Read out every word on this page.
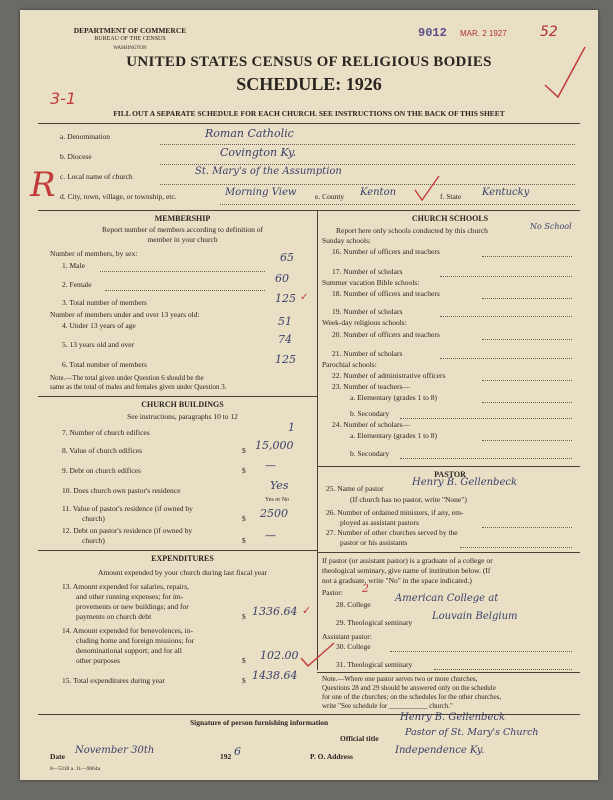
DEPARTMENT OF COMMERCE
BUREAU OF THE CENSUS
WASHINGTON
9012 MAR. 2 1927 52
UNITED STATES CENSUS OF RELIGIOUS BODIES
SCHEDULE: 1926
3-1
FILL OUT A SEPARATE SCHEDULE FOR EACH CHURCH. SEE INSTRUCTIONS ON THE BACK OF THIS SHEET
R
a. Denomination	Roman Catholic
b. Diocese	Covington Ky.
c. Local name of church	St. Mary's of the Assumption
d. City, town, village, or township, etc.	Morning View e. County Kenton	f. State Kentucky
MEMBERSHIP
Report number of members according to definition of
member in your church
Number of members, by sex:
1. Male
65
2. Female	60
3. Total number of members	125 ✓
Number of members under and over 13 years old:
4. Under 13 years of age	51
5. 13 years old and over	74
6. Total number of members	125
Note.—The total given under Question 6 should be the
same as the total of males and females given under Question 3.
CHURCH BUILDINGS
See instructions, paragraphs 10 to 12
7. Number of church edifices	1
8. Value of church edifices	$ 15,000
9. Debt on church edifices	$ —
10. Does church own pastor's residence	Yes
Yes or No
11. Value of pastor's residence (if owned by
church)	$ 2500
12. Debt on pastor's residence (if owned by
church)	$ —
EXPENDITURES
Amount expended by your church during last fiscal year
13. Amount expended for salaries, repairs,
and other running expenses; for im-
provements or new buildings; and for
payments on church debt	$ 1336.64 ✓
14. Amount expended for benevolences, in-
cluding home and foreign missions; for
denominational support; and for all
other purposes	$ 102.00
15. Total expenditures during year	$ 1438.64
CHURCH SCHOOLS
Report here only schools conducted by this church	No School
Sunday schools:
16. Number of officers and teachers
17. Number of scholars
Summer vacation Bible schools:
18. Number of officers and teachers
19. Number of scholars
Week-day religious schools:
20. Number of officers and teachers
21. Number of scholars
Parochial schools:
22. Number of administrative officers
23. Number of teachers—
a. Elementary (grades 1 to 8)
b. Secondary
24. Number of scholars—
a. Elementary (grades 1 to 8)
b. Secondary
PASTOR
25. Name of pastor
Henry B. Gellenbeck
(If church has no pastor, write "None")
26. Number of ordained ministers, if any, em-
ployed as assistant pastors
27. Number of other churches served by the
pastor or his assistants
If pastor (or assistant pastor) is a graduate of a college or
theological seminary, give name of institution below. (If
not a graduate, write "No" in the space indicated.)
Pastor: 2
28. College
American College at
29. Theological seminary
Louvain Belgium
Assistant pastor:
30. College
31. Theological seminary
Note.—Where one pastor serves two or more churches,
Questions 28 and 29 should be answered only on the schedule
for one of the churches; on the schedules for the other churches,
write "See schedule for ___________ church."
Signature of person furnishing information	Henry B. Gellenbeck
Official title
Pastor of St. Mary's Church
Date
November 30th
192 6	P. O. Address
Independence Ky.
8—5318 a. 11—9064a
